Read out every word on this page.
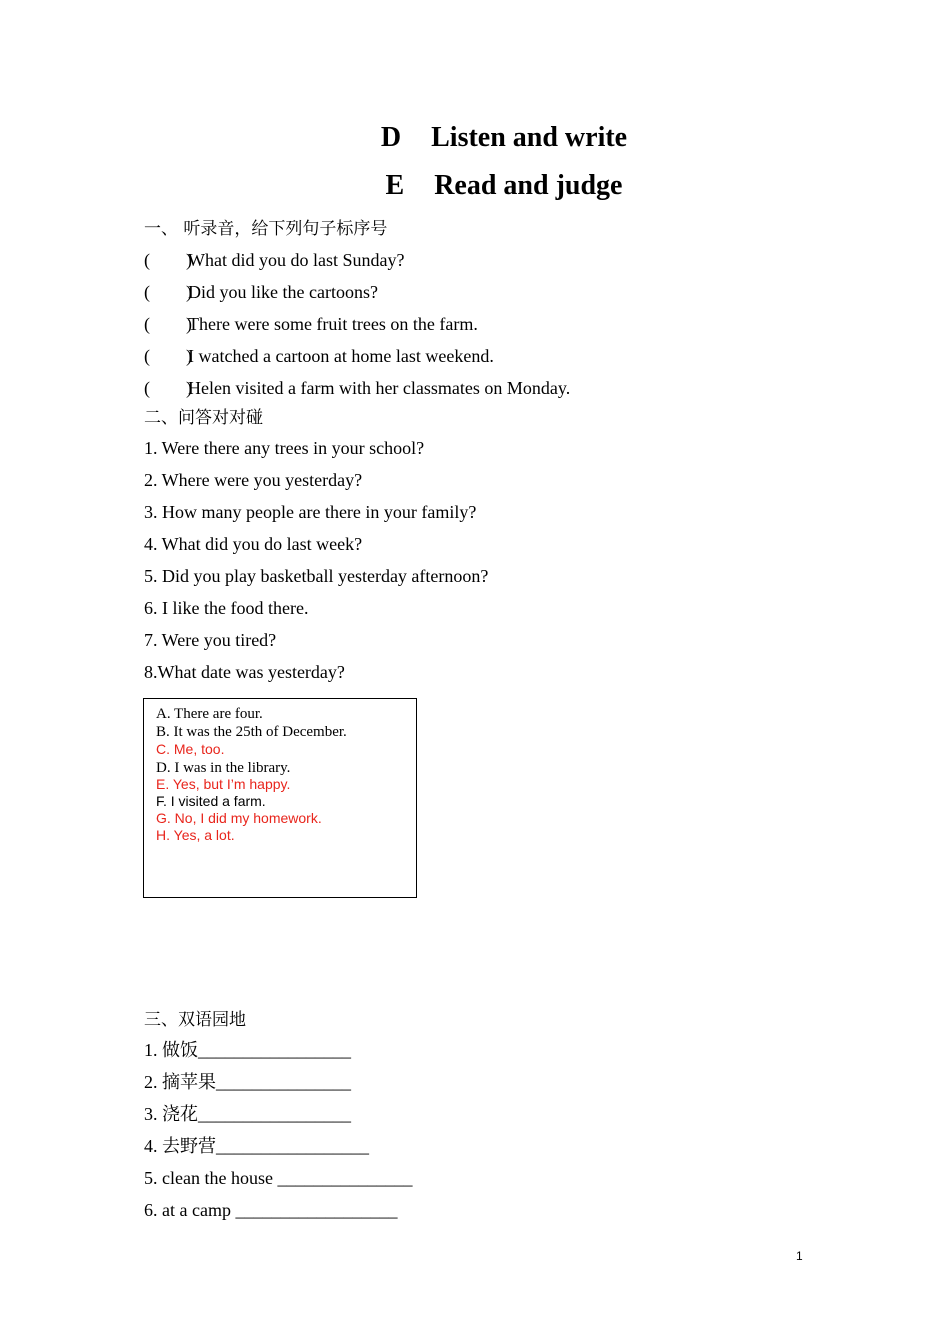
D Listen and write
E Read and judge
一、 听录音，给下列句子标序号
(        )What did you do last Sunday?
(        )Did you like the cartoons?
(        )There were some fruit trees on the farm.
(        )I watched a cartoon at home last weekend.
(        )Helen visited a farm with her classmates on Monday.
二、问答对对碰
1. Were there any trees in your school?
2. Where were you yesterday?
3. How many people are there in your family?
4. What did you do last week?
5. Did you play basketball yesterday afternoon?
6. I like the food there.
7. Were you tired?
8.What date was yesterday?
A. There are four.
B. It was the 25th of December.
C. Me, too.
D. I was in the library.
E. Yes, but I’m happy.
F. I visited a farm.
G. No, I did my homework.
H. Yes, a lot.
三、双语园地
1. 做饭_________________
2. 摘苹果_______________
3. 浇花_________________
4. 去野营_________________
5. clean the house _______________
6. at a camp __________________
1
